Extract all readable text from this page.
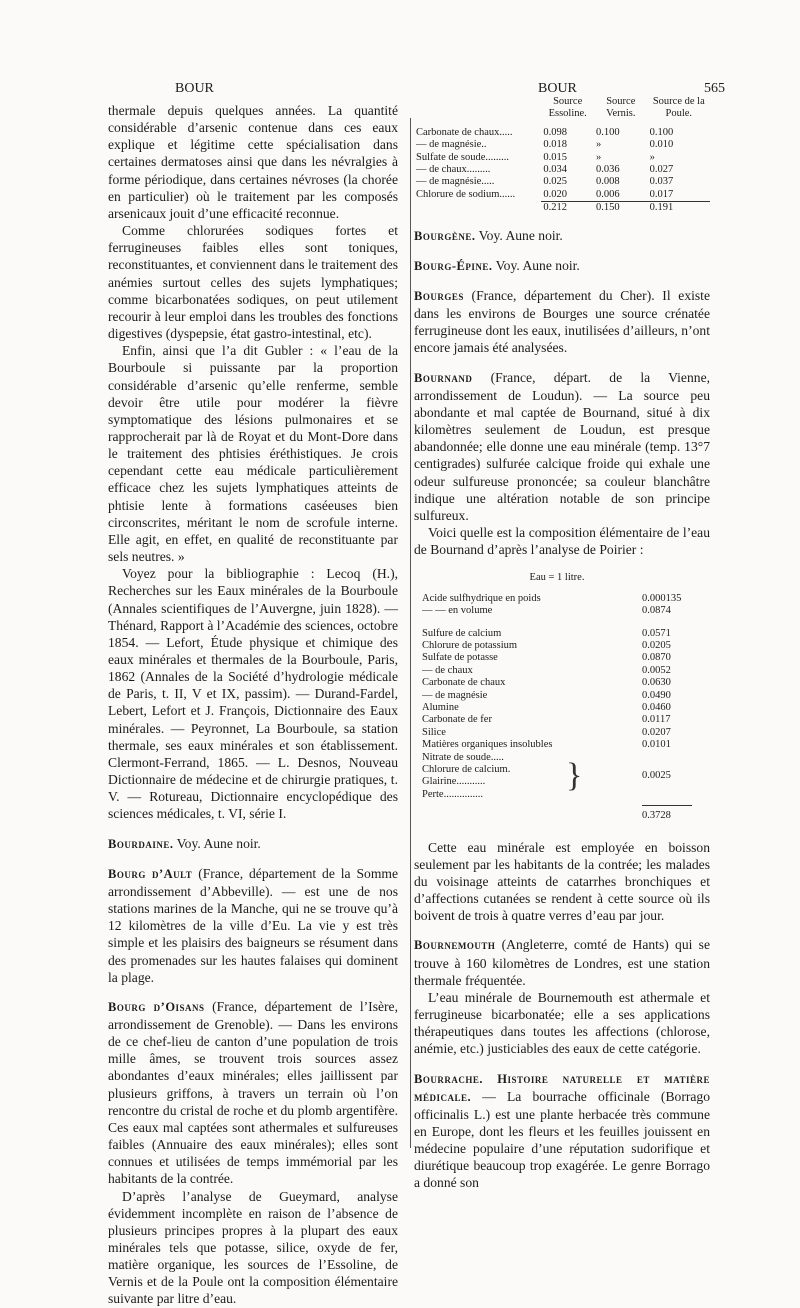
BOUR	BOUR	565

thermale depuis quelques années. La quantité considérable d’arsenic contenue dans ces eaux explique et légitime cette spécialisation dans certaines dermatoses ainsi que dans les névralgies à forme périodique, dans certaines névroses (la chorée en particulier) où le traitement par les composés arsenicaux jouit d’une efficacité reconnue.

Comme chlorurées sodiques fortes et ferrugineuses faibles elles sont toniques, reconstituantes, et conviennent dans le traitement des anémies surtout celles des sujets lymphatiques; comme bicarbonatées sodiques, on peut utilement recourir à leur emploi dans les troubles des fonctions digestives (dyspepsie, état gastro-intestinal, etc).

Enfin, ainsi que l’a dit Gubler : « l’eau de la Bourboule si puissante par la proportion considérable d’arsenic qu’elle renferme, semble devoir être utile pour modérer la fièvre symptomatique des lésions pulmonaires et se rapprocherait par là de Royat et du Mont-Dore dans le traitement des phtisies éréthistiques. Je crois cependant cette eau médicale particulièrement efficace chez les sujets lymphatiques atteints de phtisie lente à formations caséeuses bien circonscrites, méritant le nom de scrofule interne. Elle agit, en effet, en qualité de reconstituante par sels neutres. »

Voyez pour la bibliographie : Lecoq (H.), Recherches sur les Eaux minérales de la Bourboule (Annales scientifiques de l’Auvergne, juin 1828). — Thénard, Rapport à l’Académie des sciences, octobre 1854. — Lefort, Étude physique et chimique des eaux minérales et thermales de la Bourboule, Paris, 1862 (Annales de la Société d’hydrologie médicale de Paris, t. II, V et IX, passim). — Durand-Fardel, Lebert, Lefort et J. François, Dictionnaire des Eaux minérales. — Peyronnet, La Bourboule, sa station thermale, ses eaux minérales et son établissement. Clermont-Ferrand, 1865. — L. Desnos, Nouveau Dictionnaire de médecine et de chirurgie pratiques, t. V. — Rotureau, Dictionnaire encyclopédique des sciences médicales, t. VI, série I.

Bourdaine. Voy. Aune noir.

Bourg d’Ault (France, département de la Somme arrondissement d’Abbeville). — est une de nos stations marines de la Manche, qui ne se trouve qu’à 12 kilomètres de la ville d’Eu. La vie y est très simple et les plaisirs des baigneurs se résument dans des promenades sur les hautes falaises qui dominent la plage.

Bourg d’Oisans (France, département de l’Isère, arrondissement de Grenoble). — Dans les environs de ce chef-lieu de canton d’une population de trois mille âmes, se trouvent trois sources assez abondantes d’eaux minérales; elles jaillissent par plusieurs griffons, à travers un terrain où l’on rencontre du cristal de roche et du plomb argentifère. Ces eaux mal captées sont athermales et sulfureuses faibles (Annuaire des eaux minérales); elles sont connues et utilisées de temps immémorial par les habitants de la contrée.

D’après l’analyse de Gueymard, analyse évidemment incomplète en raison de l’absence de plusieurs principes propres à la plupart des eaux minérales tels que potasse, silice, oxyde de fer, matière organique, les sources de l’Essoline, de Vernis et de la Poule ont la composition élémentaire suivante par litre d’eau.

	Source Essoline.	Source Vernis.	Source de la Poule.

Carbonate de chaux.....	0.098	0.100	0.100
— de magnésie..	0.018	»	0.010
Sulfate de soude.........	0.015	»	»
— de chaux.........	0.034	0.036	0.027
— de magnésie.....	0.025	0.008	0.037
Chlorure de sodium......	0.020	0.006	0.017
	0.212	0.150	0.191

Bourgène. Voy. Aune noir.

Bourg-Épine. Voy. Aune noir.

Bourges (France, département du Cher). Il existe dans les environs de Bourges une source crénatée ferrugineuse dont les eaux, inutilisées d’ailleurs, n’ont encore jamais été analysées.

Bournand (France, départ. de la Vienne, arrondissement de Loudun). — La source peu abondante et mal captée de Bournand, situé à dix kilomètres seulement de Loudun, est presque abandonnée; elle donne une eau minérale (temp. 13°7 centigrades) sulfurée calcique froide qui exhale une odeur sulfureuse prononcée; sa couleur blanchâtre indique une altération notable de son principe sulfureux.

Voici quelle est la composition élémentaire de l’eau de Bournand d’après l’analyse de Poirier :

Eau = 1 litre.
Acide sulfhydrique en poids	0.000135
— — en volume	0.0874
Sulfure de calcium	0.0571
Chlorure de potassium	0.0205
Sulfate de potasse	0.0870
— de chaux	0.0052
Carbonate de chaux	0.0630
— de magnésie	0.0490
Alumine	0.0460
Carbonate de fer	0.0117
Silice	0.0207
Matières organiques insolubles	0.0101
Nitrate de soude.....
Chlorure de calcium.
Glairine...........
Perte...............	}	0.0025
0.3728

Cette eau minérale est employée en boisson seulement par les habitants de la contrée; les malades du voisinage atteints de catarrhes bronchiques et d’affections cutanées se rendent à cette source où ils boivent de trois à quatre verres d’eau par jour.

Bournemouth (Angleterre, comté de Hants) qui se trouve à 160 kilomètres de Londres, est une station thermale fréquentée.

L’eau minérale de Bournemouth est athermale et ferrugineuse bicarbonatée; elle a ses applications thérapeutiques dans toutes les affections (chlorose, anémie, etc.) justiciables des eaux de cette catégorie.

Bourrache. Histoire naturelle et matière médicale. — La bourrache officinale (Borrago officinalis L.) est une plante herbacée très commune en Europe, dont les fleurs et les feuilles jouissent en médecine populaire d’une réputation sudorifique et diurétique beaucoup trop exagérée. Le genre Borrago a donné son
